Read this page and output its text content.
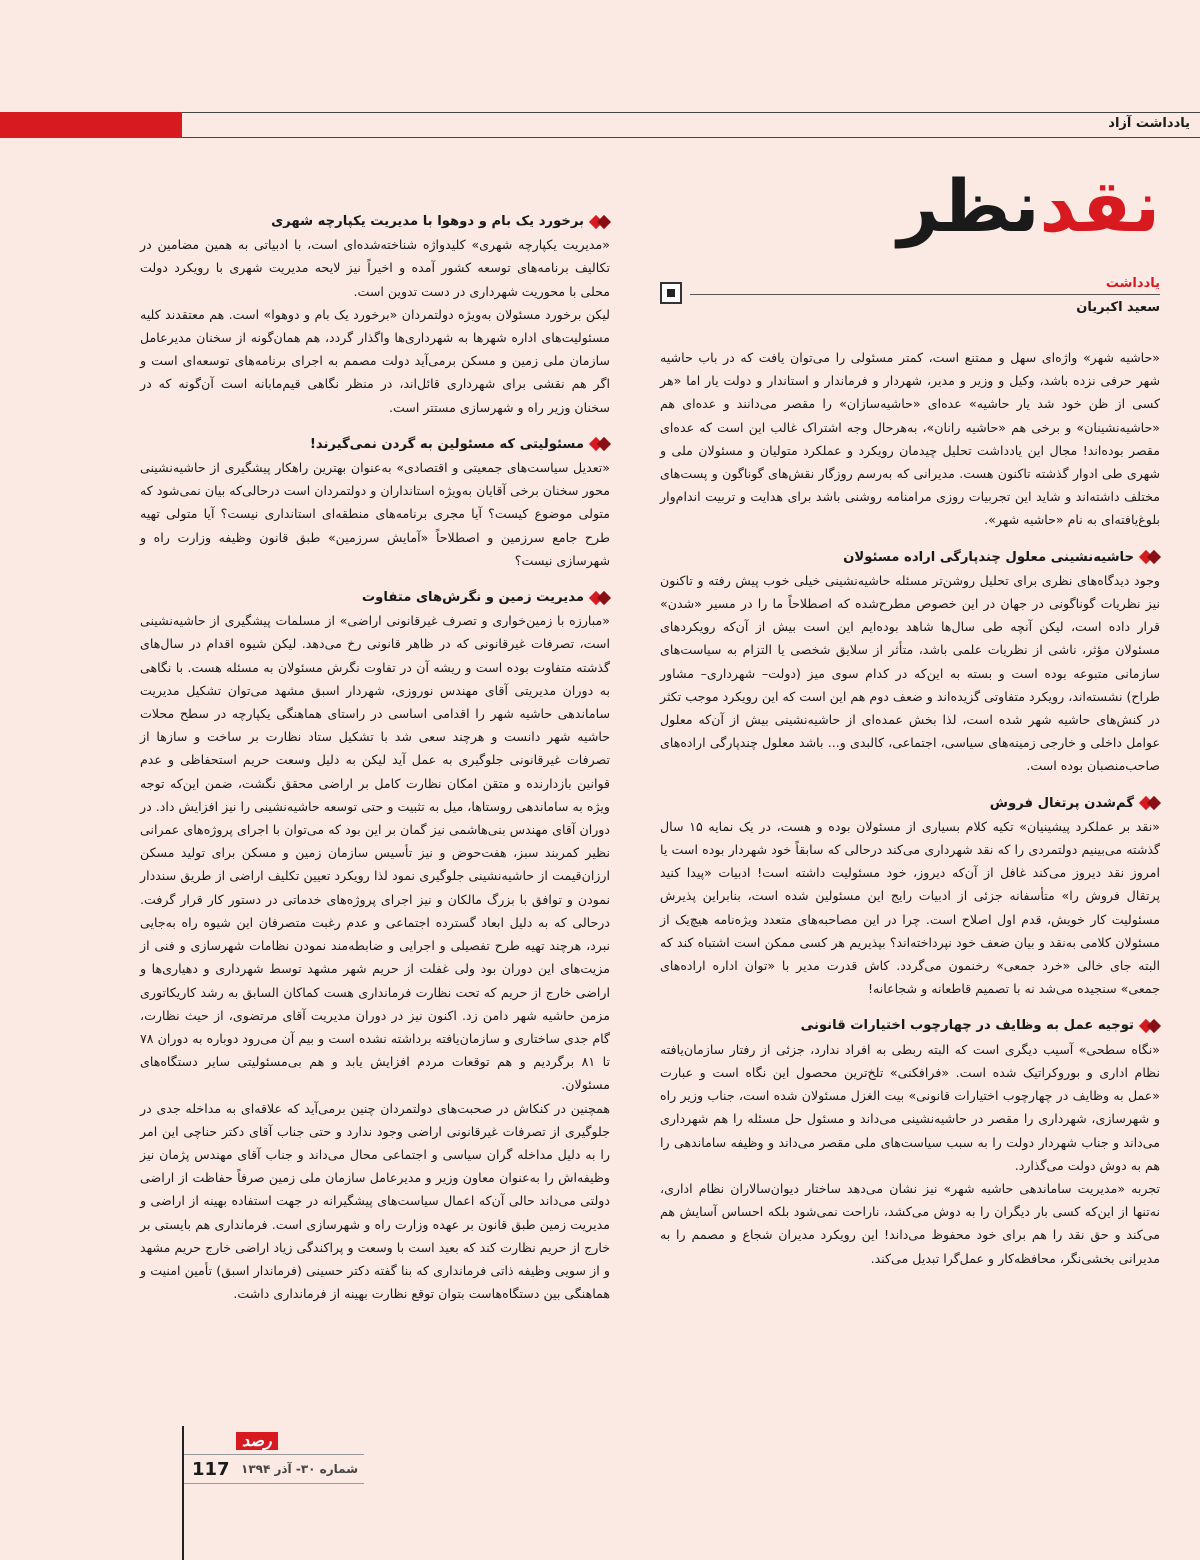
یادداشت آزاد
نقدنظر
یادداشت
سعید اکبریان

«حاشیه شهر» واژه‌ای سهل و ممتنع است، کمتر مسئولی را می‌توان یافت که در باب حاشیه شهر حرفی نزده باشد، وکیل و وزیر و مدیر، شهردار و فرماندار و استاندار و دولت یار اما «هر کسی از ظن خود شد یار حاشیه» عده‌ای «حاشیه‌سازان» را مقصر می‌دانند و عده‌ای هم «حاشیه‌نشینان» و برخی هم «حاشیه رانان»، به‌هرحال وجه اشتراک غالب این است که عده‌ای مقصر بوده‌اند! مجال این یادداشت تحلیل چیدمان رویکرد و عملکرد متولیان و مسئولان ملی و شهری طی ادوار گذشته تاکنون هست. مدیرانی که به‌رسم روزگار نقش‌های گوناگون و پست‌های مختلف داشته‌اند و شاید این تجربیات روزی مرامنامه روشنی باشد برای هدایت و تربیت اندام‌وار بلوغ‌یافته‌ای به نام «حاشیه شهر».

حاشیه‌نشینی معلول چندپارگی اراده مسئولان

وجود دیدگاه‌های نظری برای تحلیل روشن‌تر مسئله حاشیه‌نشینی خیلی خوب پیش رفته و تاکنون نیز نظریات گوناگونی در جهان در این خصوص مطرح‌شده که اصطلاحاً ما را در مسیر «شدن» قرار داده است، لیکن آنچه طی سال‌ها شاهد بوده‌ایم این است بیش از آن‌که رویکردهای مسئولان مؤثر، ناشی از نظریات علمی باشد، متأثر از سلایق شخصی یا التزام به سیاست‌های سازمانی متبوعه بوده است و بسته به این‌که در کدام سوی میز (دولت– شهرداری– مشاور طراح) نشسته‌اند، رویکرد متفاوتی گزیده‌اند و ضعف دوم هم این است که این رویکرد موجب تکثر در کنش‌های حاشیه شهر شده است، لذا بخش عمده‌ای از حاشیه‌نشینی بیش از آن‌که معلول عوامل داخلی و خارجی زمینه‌های سیاسی، اجتماعی، کالبدی و... باشد معلول چندپارگی اراده‌های صاحب‌منصبان بوده است.

گم‌شدن پرتغال فروش

«نقد بر عملکرد پیشینیان» تکیه کلام بسیاری از مسئولان بوده و هست، در یک نمایه ۱۵ سال گذشته می‌بینیم دولتمردی را که نقد شهرداری می‌کند درحالی که سابقاً خود شهردار بوده است یا امروز نقد دیروز می‌کند غافل از آن‌که دیروز، خود مسئولیت داشته است! ادبیات «پیدا کنید پرتقال فروش را» متأسفانه جزئی از ادبیات رایج این مسئولین شده است، بنابراین پذیرش مسئولیت کار خویش، قدم اول اصلاح است. چرا در این مصاحبه‌های متعدد ویژه‌نامه هیچ‌یک از مسئولان کلامی به‌نقد و بیان ضعف خود نپرداخته‌اند؟ بپذیریم هر کسی ممکن است اشتباه کند که البته جای خالی «خرد جمعی» رخنمون می‌گردد. کاش قدرت مدیر با «توان اداره اراده‌های جمعی» سنجیده می‌شد نه با تصمیم قاطعانه و شجاعانه!

توجیه عمل به وظایف در چهارچوب اختیارات قانونی

«نگاه سطحی» آسیب دیگری است که البته ربطی به افراد ندارد، جزئی از رفتار سازمان‌یافته نظام اداری و بوروکراتیک شده است. «فرافکنی» تلخ‌ترین محصول این نگاه است و عبارت «عمل به وظایف در چهارچوب اختیارات قانونی» بیت الغزل مسئولان شده است، جناب وزیر راه و شهرسازی، شهرداری را مقصر در حاشیه‌نشینی می‌داند و مسئول حل مسئله را هم شهرداری می‌داند و جناب شهردار دولت را به سبب سیاست‌های ملی مقصر می‌داند و وظیفه ساماندهی را هم به دوش دولت می‌گذارد.

تجربه «مدیریت ساماندهی حاشیه شهر» نیز نشان می‌دهد ساختار دیوان‌سالاران نظام اداری، نه‌تنها از این‌که کسی بار دیگران را به دوش می‌کشد، ناراحت نمی‌شود بلکه احساس آسایش هم می‌کند و حق نقد را هم برای خود محفوظ می‌داند! این رویکرد مدیران شجاع و مصمم را به مدیرانی بخشی‌نگر، محافظه‌کار و عمل‌گرا تبدیل می‌کند.

برخورد یک بام و دوهوا با مدیریت یکپارچه شهری

«مدیریت یکپارچه شهری» کلیدواژه شناخته‌شده‌ای است، با ادبیاتی به همین مضامین در تکالیف برنامه‌های توسعه کشور آمده و اخیراً نیز لایحه مدیریت شهری با رویکرد دولت محلی با محوریت شهرداری در دست تدوین است.

لیکن برخورد مسئولان به‌ویژه دولتمردان «برخورد یک بام و دوهوا» است. هم معتقدند کلیه مسئولیت‌های اداره شهرها به شهرداری‌ها واگذار گردد، هم همان‌گونه از سخنان مدیرعامل سازمان ملی زمین و مسکن برمی‌آید دولت مصمم به اجرای برنامه‌های توسعه‌ای است و اگر هم نقشی برای شهرداری قائل‌اند، در منظر نگاهی قیم‌مابانه است آن‌گونه که در سخنان وزیر راه و شهرسازی مستتر است.

مسئولیتی که مسئولین به گردن نمی‌گیرند!

«تعدیل سیاست‌های جمعیتی و اقتصادی» به‌عنوان بهترین راهکار پیشگیری از حاشیه‌نشینی محور سخنان برخی آقایان به‌ویژه استانداران و دولتمردان است درحالی‌که بیان نمی‌شود که متولی موضوع کیست؟ آیا مجری برنامه‌های منطقه‌ای استانداری نیست؟ آیا متولی تهیه طرح جامع سرزمین و اصطلاحاً «آمایش سرزمین» طبق قانون وظیفه وزارت راه و شهرسازی نیست؟

مدیریت زمین و نگرش‌های متفاوت

«مبارزه با زمین‌خواری و تصرف غیرقانونی اراضی» از مسلمات پیشگیری از حاشیه‌نشینی است، تصرفات غیرقانونی که در ظاهر قانونی رخ می‌دهد. لیکن شیوه اقدام در سال‌های گذشته متفاوت بوده است و ریشه آن در تفاوت نگرش مسئولان به مسئله هست. با نگاهی به دوران مدیریتی آقای مهندس نوروزی، شهردار اسبق مشهد می‌توان تشکیل مدیریت ساماندهی حاشیه شهر را اقدامی اساسی در راستای هماهنگی یکپارچه در سطح محلات حاشیه شهر دانست و هرچند سعی شد با تشکیل ستاد نظارت بر ساخت و سازها از تصرفات غیرقانونی جلوگیری به عمل آید لیکن به دلیل وسعت حریم استحفاظی و عدم قوانین بازدارنده و متقن امکان نظارت کامل بر اراضی محقق نگشت، ضمن این‌که توجه ویژه به ساماندهی روستاها، میل به تثبیت و حتی توسعه حاشیه‌نشینی را نیز افزایش داد. در دوران آقای مهندس بنی‌هاشمی نیز گمان بر این بود که می‌توان با اجرای پروژه‌های عمرانی نظیر کمربند سبز، هفت‌حوض و نیز تأسیس سازمان زمین و مسکن برای تولید مسکن ارزان‌قیمت از حاشیه‌نشینی جلوگیری نمود لذا رویکرد تعیین تکلیف اراضی از طریق سنددار نمودن و توافق با بزرگ مالکان و نیز اجرای پروژه‌های خدماتی در دستور کار قرار گرفت. درحالی که به دلیل ابعاد گسترده اجتماعی و عدم رغبت متصرفان این شیوه راه به‌جایی نبرد، هرچند تهیه طرح تفصیلی و اجرایی و ضابطه‌مند نمودن نظامات شهرسازی و فنی از مزیت‌های این دوران بود ولی غفلت از حریم شهر مشهد توسط شهرداری و دهیاری‌ها و اراضی خارج از حریم که تحت نظارت فرمانداری هست کماکان السابق به رشد کاریکاتوری مزمن حاشیه شهر دامن زد. اکنون نیز در دوران مدیریت آقای مرتضوی، از حیث نظارت، گام جدی ساختاری و سازمان‌یافته برداشته نشده است و بیم آن می‌رود دوباره به دوران ۷۸ تا ۸۱ برگردیم و هم توقعات مردم افزایش یابد و هم بی‌مسئولیتی سایر دستگاه‌های مسئولان.

همچنین در کنکاش در صحبت‌های دولتمردان چنین برمی‌آید که علاقه‌ای به مداخله جدی در جلوگیری از تصرفات غیرقانونی اراضی وجود ندارد و حتی جناب آقای دکتر حناچی این امر را به دلیل مداخله گران سیاسی و اجتماعی محال می‌داند و جناب آقای مهندس پژمان نیز وظیفه‌اش را به‌عنوان معاون وزیر و مدیرعامل سازمان ملی زمین صرفاً حفاظت از اراضی دولتی می‌داند حالی آن‌که اعمال سیاست‌های پیشگیرانه در جهت استفاده بهینه از اراضی و مدیریت زمین طبق قانون بر عهده وزارت راه و شهرسازی است. فرمانداری هم بایستی بر خارج از حریم نظارت کند که بعید است با وسعت و پراکندگی زیاد اراضی خارج حریم مشهد و از سویی وظیفه ذاتی فرمانداری که بنا گفته دکتر حسینی (فرماندار اسبق) تأمین امنیت و هماهنگی بین دستگاه‌هاست بتوان توقع نظارت بهینه از فرمانداری داشت.

رصد
117 شماره ۳۰- آذر ۱۳۹۴
